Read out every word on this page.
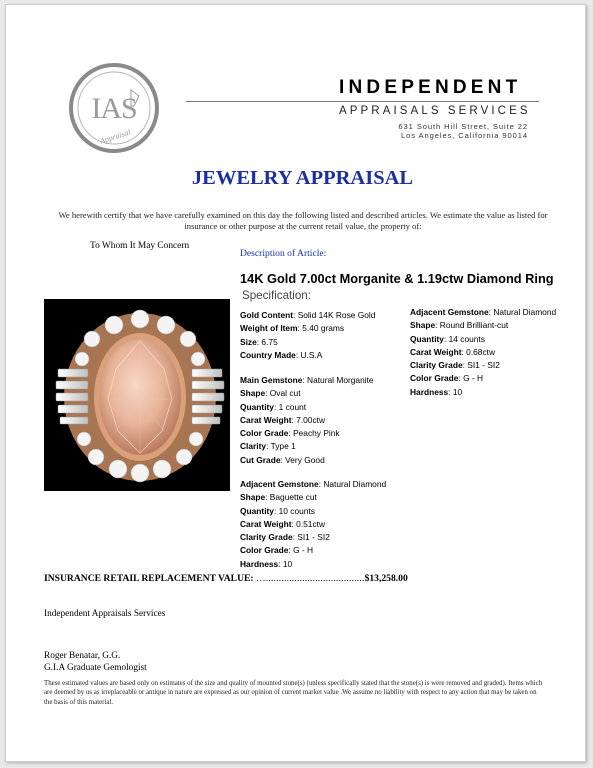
IAS
Appraisal
INDEPENDENT
APPRAISALS SERVICES
631 South Hill Street, Suite 22
Los Angeles, California 90014
JEWELRY APPRAISAL
We herewith certify that we have carefully examined on this day the following listed and described articles. We estimate the value as listed for insurance or other purpose at the current retail value, the property of:
To Whom It May Concern
Description of Article:
14K Gold 7.00ct Morganite & 1.19ctw Diamond Ring
Specification:
Gold Content: Solid 14K Rose Gold
Weight of Item: 5.40 grams
Size: 6.75
Country Made: U.S.A
Adjacent Gemstone: Natural Diamond
Shape: Round Brilliant-cut
Quantity: 14 counts
Carat Weight: 0.68ctw
Clarity Grade: SI1 - SI2
Color Grade: G - H
Hardness: 10
Main Gemstone: Natural Morganite
Shape: Oval cut
Quantity: 1 count
Carat Weight: 7.00ctw
Color Grade: Peachy Pink
Clarity: Type 1
Cut Grade: Very Good
Adjacent Gemstone: Natural Diamond
Shape: Baguette cut
Quantity: 10 counts
Carat Weight: 0.51ctw
Clarity Grade: SI1 - SI2
Color Grade: G - H
Hardness: 10
INSURANCE RETAIL REPLACEMENT VALUE: …......................................$13,258.00
Independent Appraisals Services
Roger Benatar, G.G.
G.I.A Graduate Gemologist
These estimated values are based only on estimates of the size and quality of mounted stone(s) (unless specifically stated that the stone(s) is were removed and graded). Items which are deemed by us as irreplaceable or antique in nature are expressed as our opinion of current market value .We assume no liability with respect to any action that may be taken on the basis of this material.
